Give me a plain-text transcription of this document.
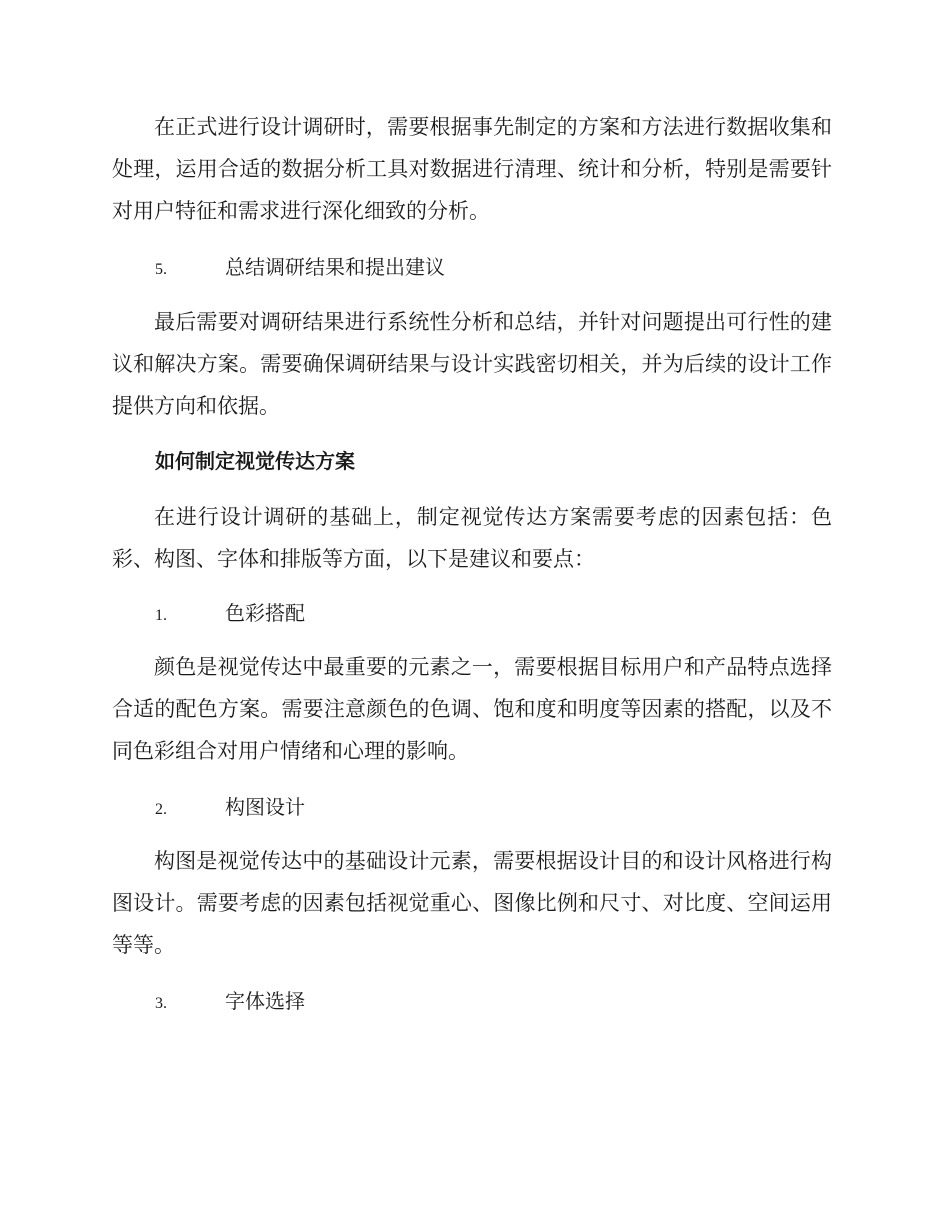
在正式进行设计调研时，需要根据事先制定的方案和方法进行数据收集和处理，运用合适的数据分析工具对数据进行清理、统计和分析，特别是需要针对用户特征和需求进行深化细致的分析。

5.	总结调研结果和提出建议

最后需要对调研结果进行系统性分析和总结，并针对问题提出可行性的建议和解决方案。需要确保调研结果与设计实践密切相关，并为后续的设计工作提供方向和依据。

如何制定视觉传达方案

在进行设计调研的基础上，制定视觉传达方案需要考虑的因素包括：色彩、构图、字体和排版等方面，以下是建议和要点：

1.	色彩搭配

颜色是视觉传达中最重要的元素之一，需要根据目标用户和产品特点选择合适的配色方案。需要注意颜色的色调、饱和度和明度等因素的搭配，以及不同色彩组合对用户情绪和心理的影响。

2.	构图设计

构图是视觉传达中的基础设计元素，需要根据设计目的和设计风格进行构图设计。需要考虑的因素包括视觉重心、图像比例和尺寸、对比度、空间运用等等。

3.	字体选择
